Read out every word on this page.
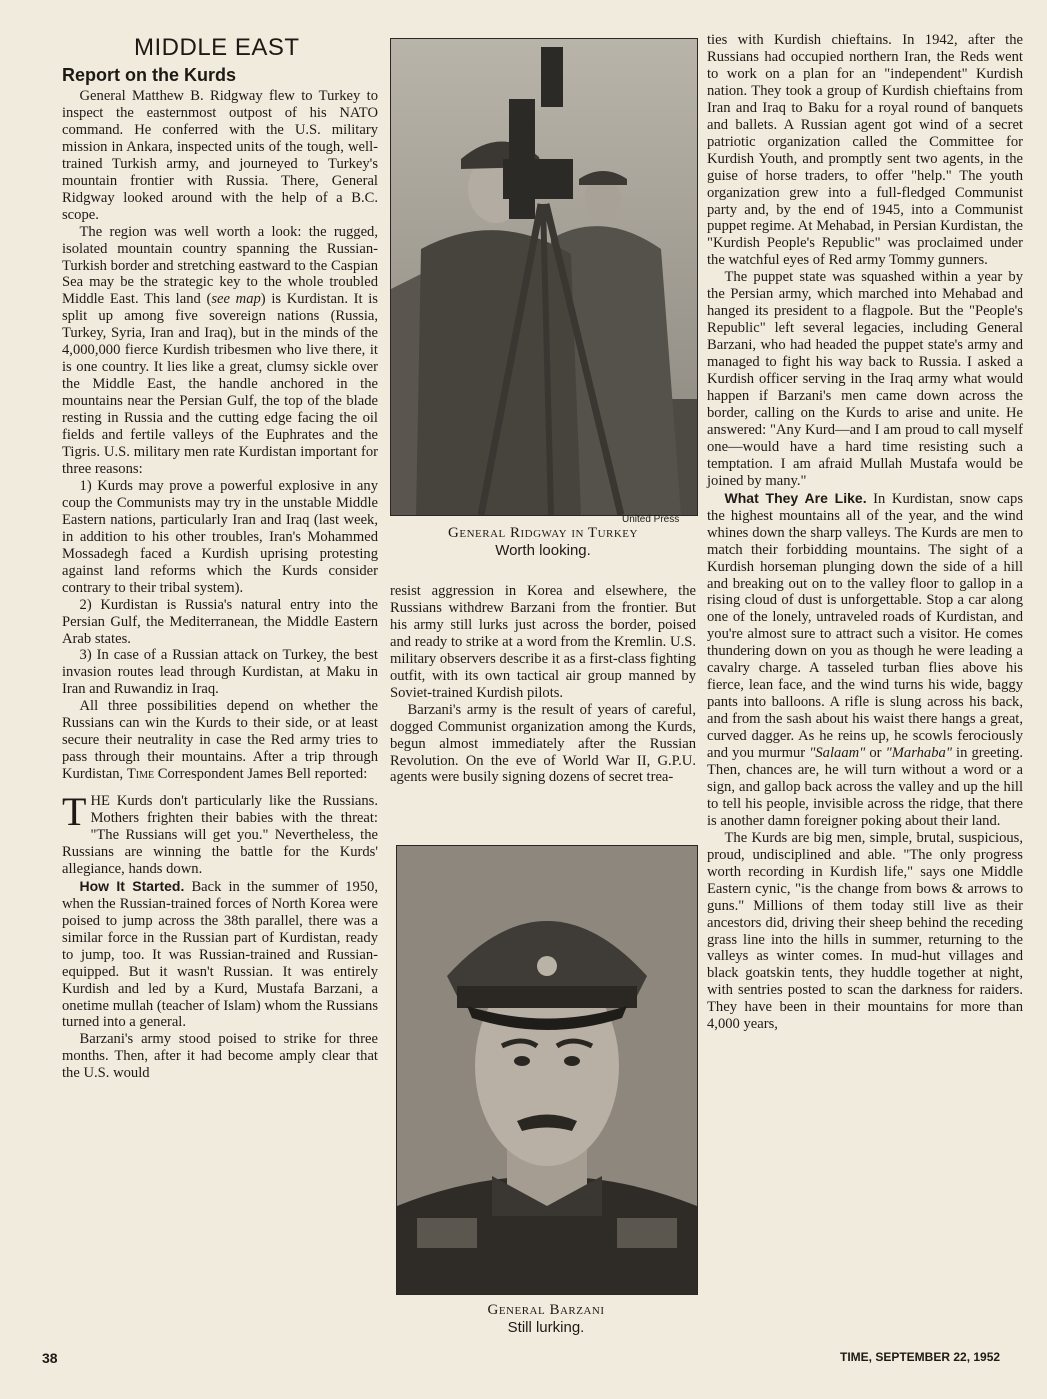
MIDDLE EAST
Report on the Kurds

General Matthew B. Ridgway flew to Turkey to inspect the easternmost outpost of his NATO command. He conferred with the U.S. military mission in Ankara, inspected units of the tough, well-trained Turkish army, and journeyed to Turkey's mountain frontier with Russia. There, General Ridgway looked around with the help of a B.C. scope.

The region was well worth a look: the rugged, isolated mountain country spanning the Russian-Turkish border and stretching eastward to the Caspian Sea may be the strategic key to the whole troubled Middle East. This land (see map) is Kurdistan. It is split up among five sovereign nations (Russia, Turkey, Syria, Iran and Iraq), but in the minds of the 4,000,000 fierce Kurdish tribesmen who live there, it is one country. It lies like a great, clumsy sickle over the Middle East, the handle anchored in the mountains near the Persian Gulf, the top of the blade resting in Russia and the cutting edge facing the oil fields and fertile valleys of the Euphrates and the Tigris. U.S. military men rate Kurdistan important for three reasons:

1) Kurds may prove a powerful explosive in any coup the Communists may try in the unstable Middle Eastern nations, particularly Iran and Iraq (last week, in addition to his other troubles, Iran's Mohammed Mossadegh faced a Kurdish uprising protesting against land reforms which the Kurds consider contrary to their tribal system).

2) Kurdistan is Russia's natural entry into the Persian Gulf, the Mediterranean, the Middle Eastern Arab states.

3) In case of a Russian attack on Turkey, the best invasion routes lead through Kurdistan, at Maku in Iran and Ruwandiz in Iraq.

All three possibilities depend on whether the Russians can win the Kurds to their side, or at least secure their neutrality in case the Red army tries to pass through their mountains. After a trip through Kurdistan, Time Correspondent James Bell reported:

THE Kurds don't particularly like the Russians. Mothers frighten their babies with the threat: "The Russians will get you." Nevertheless, the Russians are winning the battle for the Kurds' allegiance, hands down.

How It Started. Back in the summer of 1950, when the Russian-trained forces of North Korea were poised to jump across the 38th parallel, there was a similar force in the Russian part of Kurdistan, ready to jump, too. It was Russian-trained and Russian-equipped. But it wasn't Russian. It was entirely Kurdish and led by a Kurd, Mustafa Barzani, a onetime mullah (teacher of Islam) whom the Russians turned into a general.

Barzani's army stood poised to strike for three months. Then, after it had become amply clear that the U.S. would

United Press
General Ridgway in Turkey
Worth looking.

resist aggression in Korea and elsewhere, the Russians withdrew Barzani from the frontier. But his army still lurks just across the border, poised and ready to strike at a word from the Kremlin. U.S. military observers describe it as a first-class fighting outfit, with its own tactical air group manned by Soviet-trained Kurdish pilots.

Barzani's army is the result of years of careful, dogged Communist organization among the Kurds, begun almost immediately after the Russian Revolution. On the eve of World War II, G.P.U. agents were busily signing dozens of secret trea-

General Barzani
Still lurking.

ties with Kurdish chieftains. In 1942, after the Russians had occupied northern Iran, the Reds went to work on a plan for an "independent" Kurdish nation. They took a group of Kurdish chieftains from Iran and Iraq to Baku for a royal round of banquets and ballets. A Russian agent got wind of a secret patriotic organization called the Committee for Kurdish Youth, and promptly sent two agents, in the guise of horse traders, to offer "help." The youth organization grew into a full-fledged Communist party and, by the end of 1945, into a Communist puppet regime. At Mehabad, in Persian Kurdistan, the "Kurdish People's Republic" was proclaimed under the watchful eyes of Red army Tommy gunners.

The puppet state was squashed within a year by the Persian army, which marched into Mehabad and hanged its president to a flagpole. But the "People's Republic" left several legacies, including General Barzani, who had headed the puppet state's army and managed to fight his way back to Russia. I asked a Kurdish officer serving in the Iraq army what would happen if Barzani's men came down across the border, calling on the Kurds to arise and unite. He answered: "Any Kurd—and I am proud to call myself one—would have a hard time resisting such a temptation. I am afraid Mullah Mustafa would be joined by many."

What They Are Like. In Kurdistan, snow caps the highest mountains all of the year, and the wind whines down the sharp valleys. The Kurds are men to match their forbidding mountains. The sight of a Kurdish horseman plunging down the side of a hill and breaking out on to the valley floor to gallop in a rising cloud of dust is unforgettable. Stop a car along one of the lonely, untraveled roads of Kurdistan, and you're almost sure to attract such a visitor. He comes thundering down on you as though he were leading a cavalry charge. A tasseled turban flies above his fierce, lean face, and the wind turns his wide, baggy pants into balloons. A rifle is slung across his back, and from the sash about his waist there hangs a great, curved dagger. As he reins up, he scowls ferociously and you murmur "Salaam" or "Marhaba" in greeting. Then, chances are, he will turn without a word or a sign, and gallop back across the valley and up the hill to tell his people, invisible across the ridge, that there is another damn foreigner poking about their land.

The Kurds are big men, simple, brutal, suspicious, proud, undisciplined and able. "The only progress worth recording in Kurdish life," says one Middle Eastern cynic, "is the change from bows & arrows to guns." Millions of them today still live as their ancestors did, driving their sheep behind the receding grass line into the hills in summer, returning to the valleys as winter comes. In mud-hut villages and black goatskin tents, they huddle together at night, with sentries posted to scan the darkness for raiders. They have been in their mountains for more than 4,000 years,

38	TIME, SEPTEMBER 22, 1952
